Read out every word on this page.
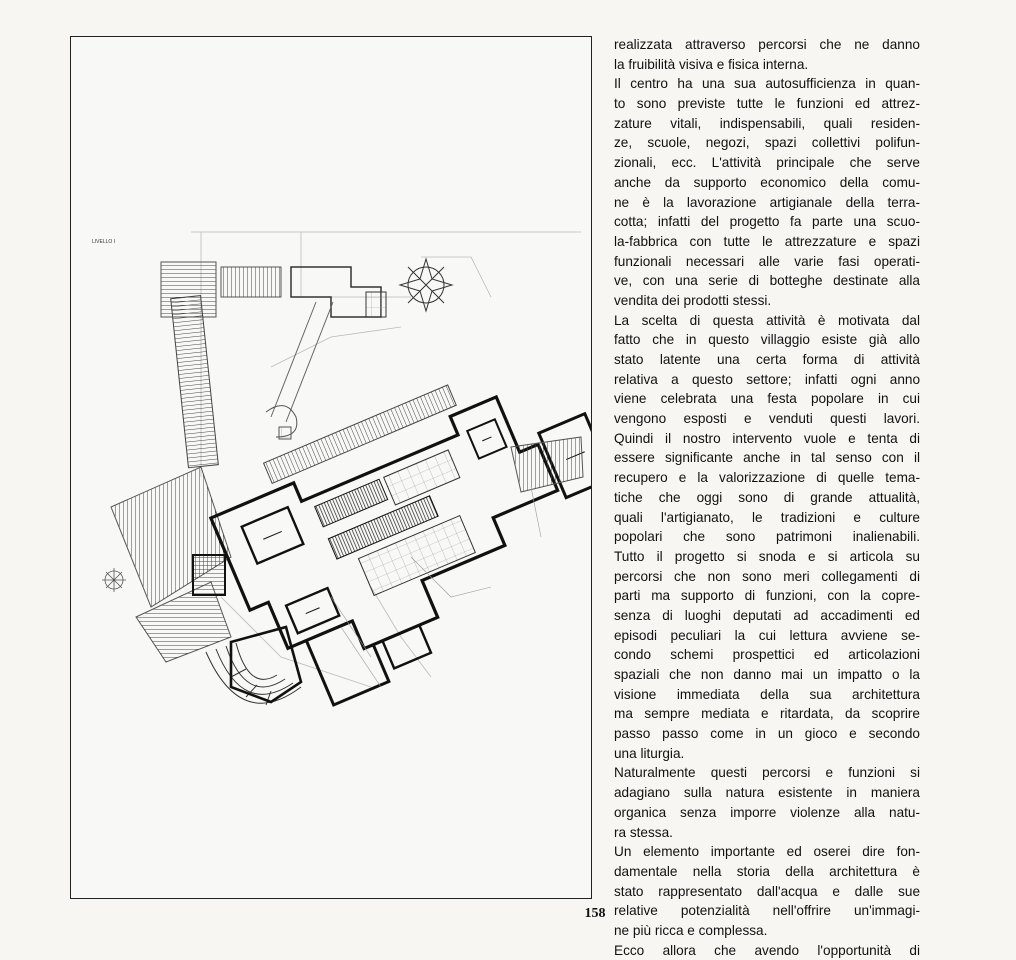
LIVELLO I
realizzata attraverso percorsi che ne danno
la fruibilità visiva e fisica interna.
Il centro ha una sua autosufficienza in quan-
to sono previste tutte le funzioni ed attrez-
zature vitali, indispensabili, quali residen-
ze, scuole, negozi, spazi collettivi polifun-
zionali, ecc. L'attività principale che serve
anche da supporto economico della comu-
ne è la lavorazione artigianale della terra-
cotta; infatti del progetto fa parte una scuo-
la-fabbrica con tutte le attrezzature e spazi
funzionali necessari alle varie fasi operati-
ve, con una serie di botteghe destinate alla
vendita dei prodotti stessi.
La scelta di questa attività è motivata dal
fatto che in questo villaggio esiste già allo
stato latente una certa forma di attività
relativa a questo settore; infatti ogni anno
viene celebrata una festa popolare in cui
vengono esposti e venduti questi lavori.
Quindi il nostro intervento vuole e tenta di
essere significante anche in tal senso con il
recupero e la valorizzazione di quelle tema-
tiche che oggi sono di grande attualità,
quali l'artigianato, le tradizioni e culture
popolari che sono patrimoni inalienabili.
Tutto il progetto si snoda e si articola su
percorsi che non sono meri collegamenti di
parti ma supporto di funzioni, con la copre-
senza di luoghi deputati ad accadimenti ed
episodi peculiari la cui lettura avviene se-
condo schemi prospettici ed articolazioni
spaziali che non danno mai un impatto o la
visione immediata della sua architettura
ma sempre mediata e ritardata, da scoprire
passo passo come in un gioco e secondo
una liturgia.
Naturalmente questi percorsi e funzioni si
adagiano sulla natura esistente in maniera
organica senza imporre violenze alla natu-
ra stessa.
Un elemento importante ed oserei dire fon-
damentale nella storia della architettura è
stato rappresentato dall'acqua e dalle sue
relative potenzialità nell'offrire un'immagi-
ne più ricca e complessa.
Ecco allora che avendo l'opportunità di
158
